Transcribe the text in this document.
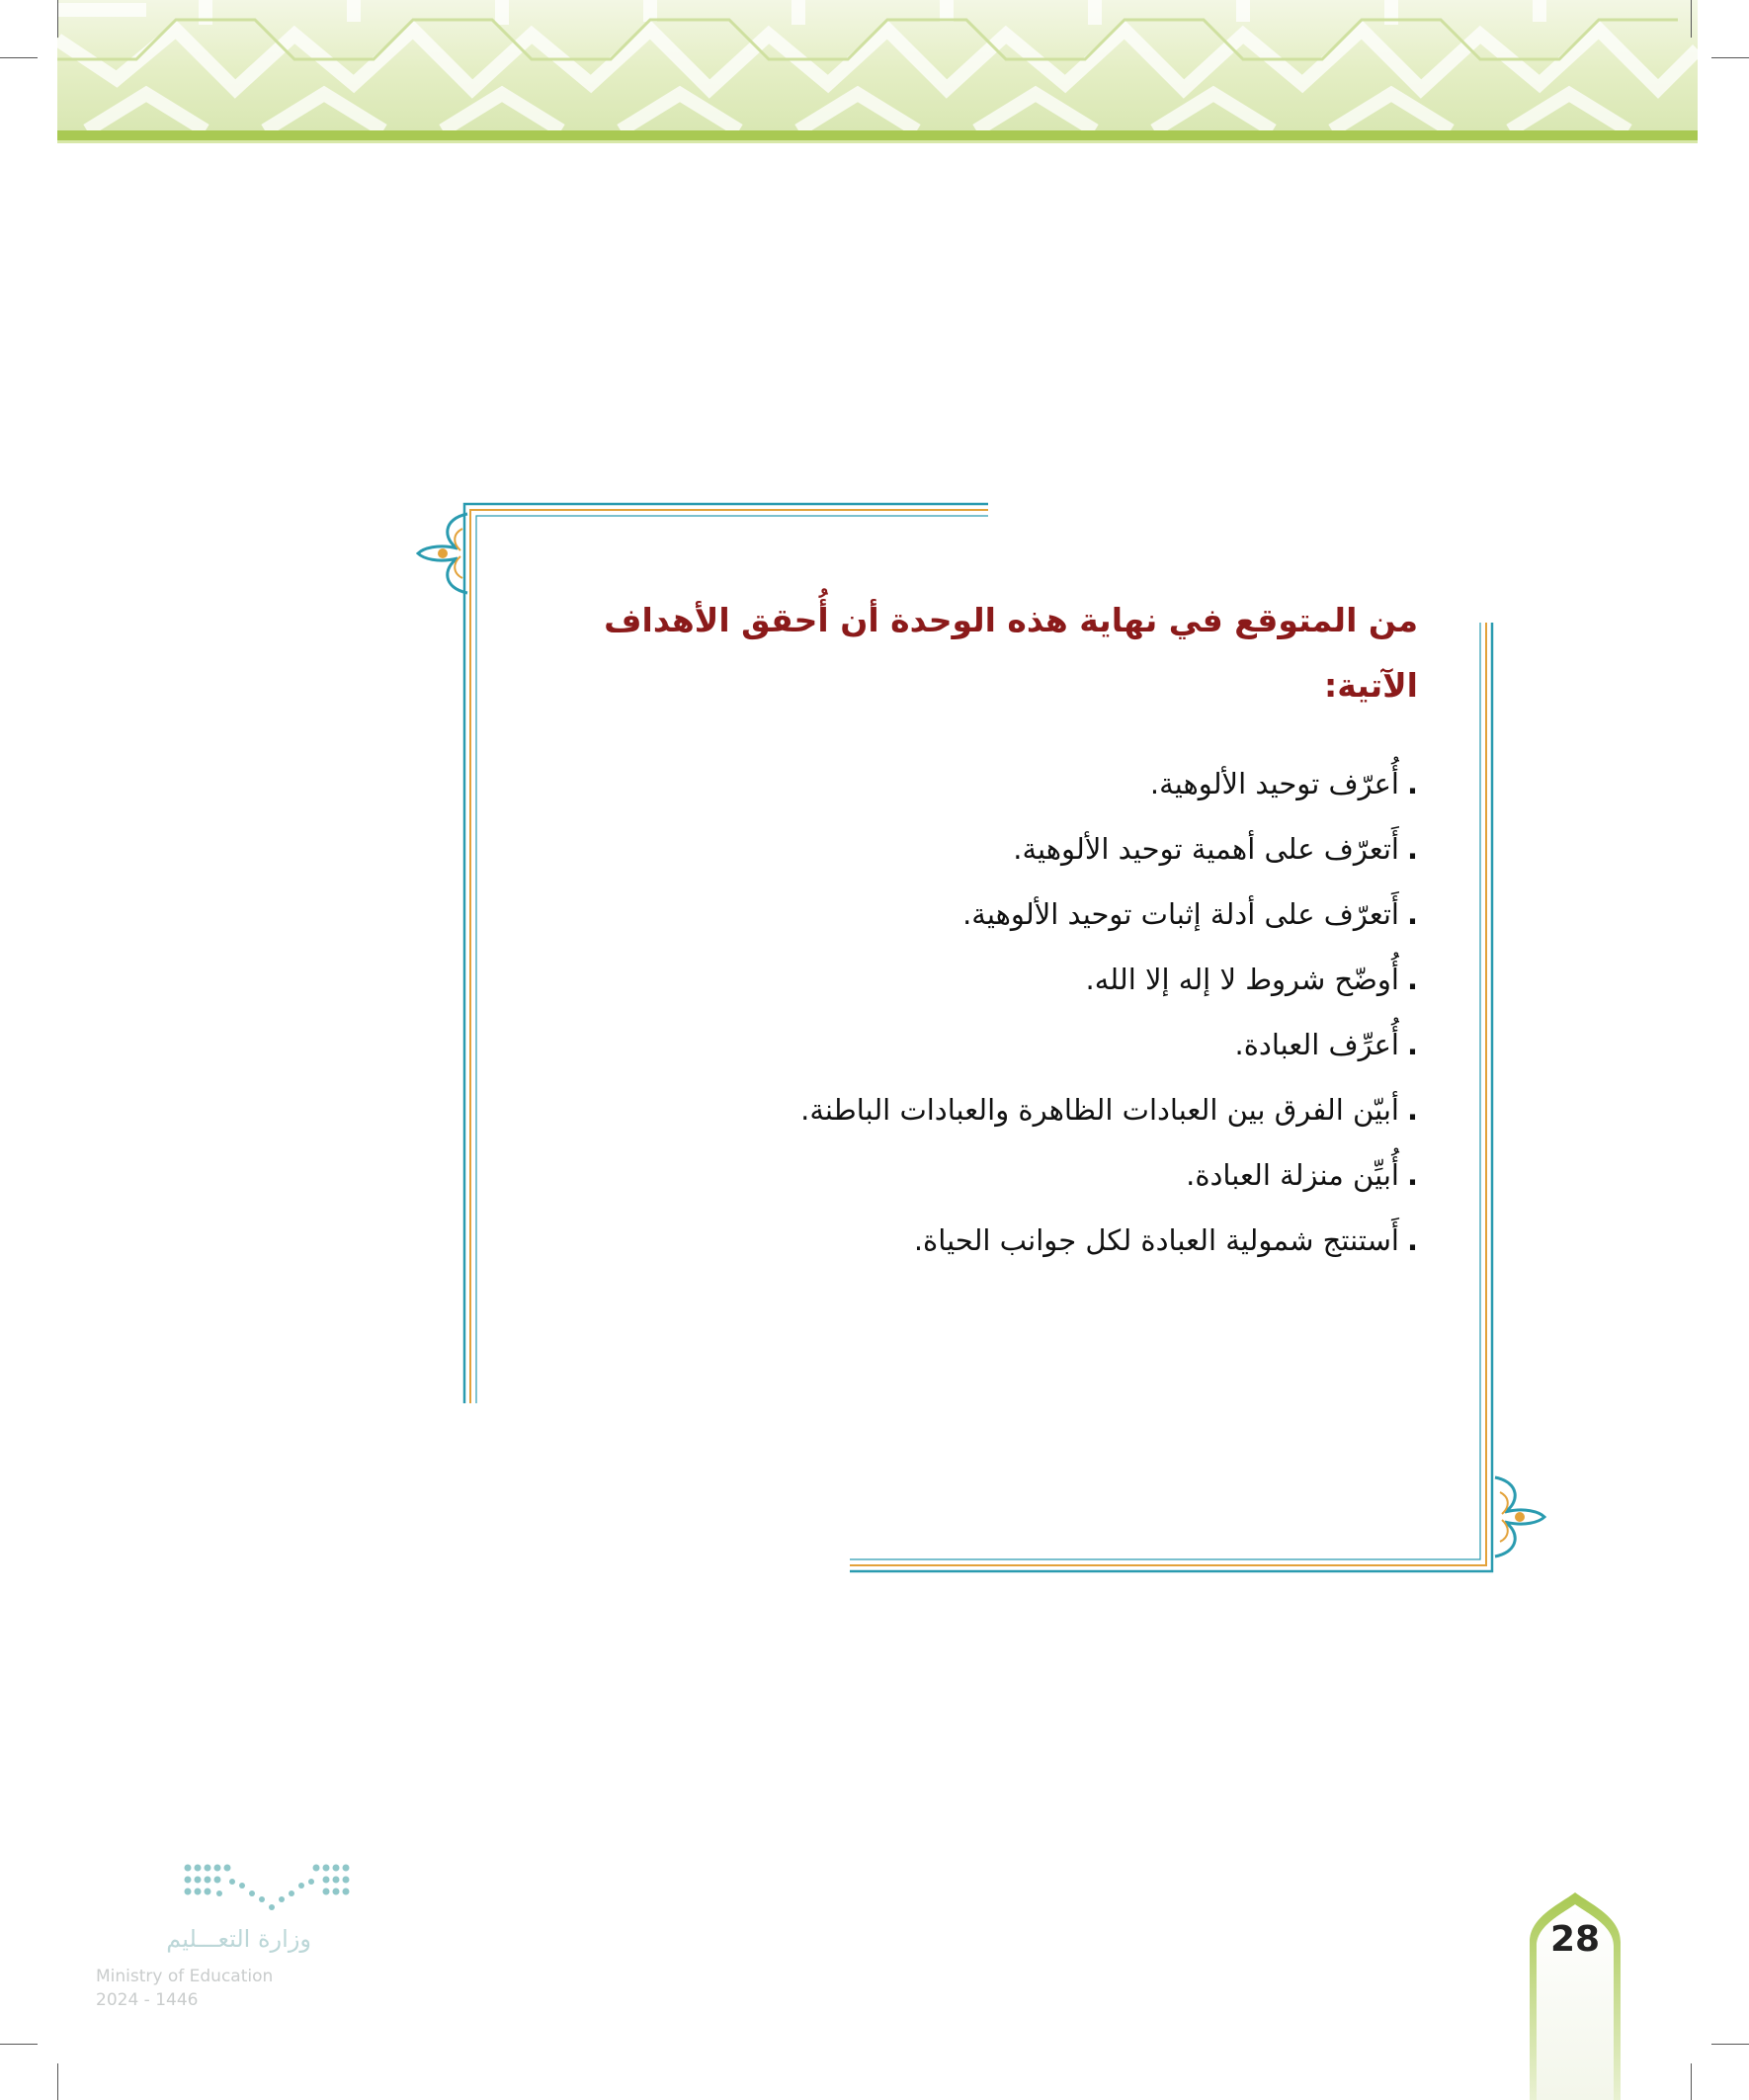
من المتوقع في نهاية هذه الوحدة أن أُحقق الأهداف
الآتية:
.أُعرّف توحيد الألوهية.
.أَتعرّف على أهمية توحيد الألوهية.
.أَتعرّف على أدلة إثبات توحيد الألوهية.
.أُوضّح شروط لا إله إلا الله.
.أُعرِّف العبادة.
.أبيّن الفرق بين العبادات الظاهرة والعبادات الباطنة.
.أُبيِّن منزلة العبادة.
.أَستنتج شمولية العبادة لكل جوانب الحياة.
وزارة التعـــليم
Ministry of Education
2024 - 1446
28
